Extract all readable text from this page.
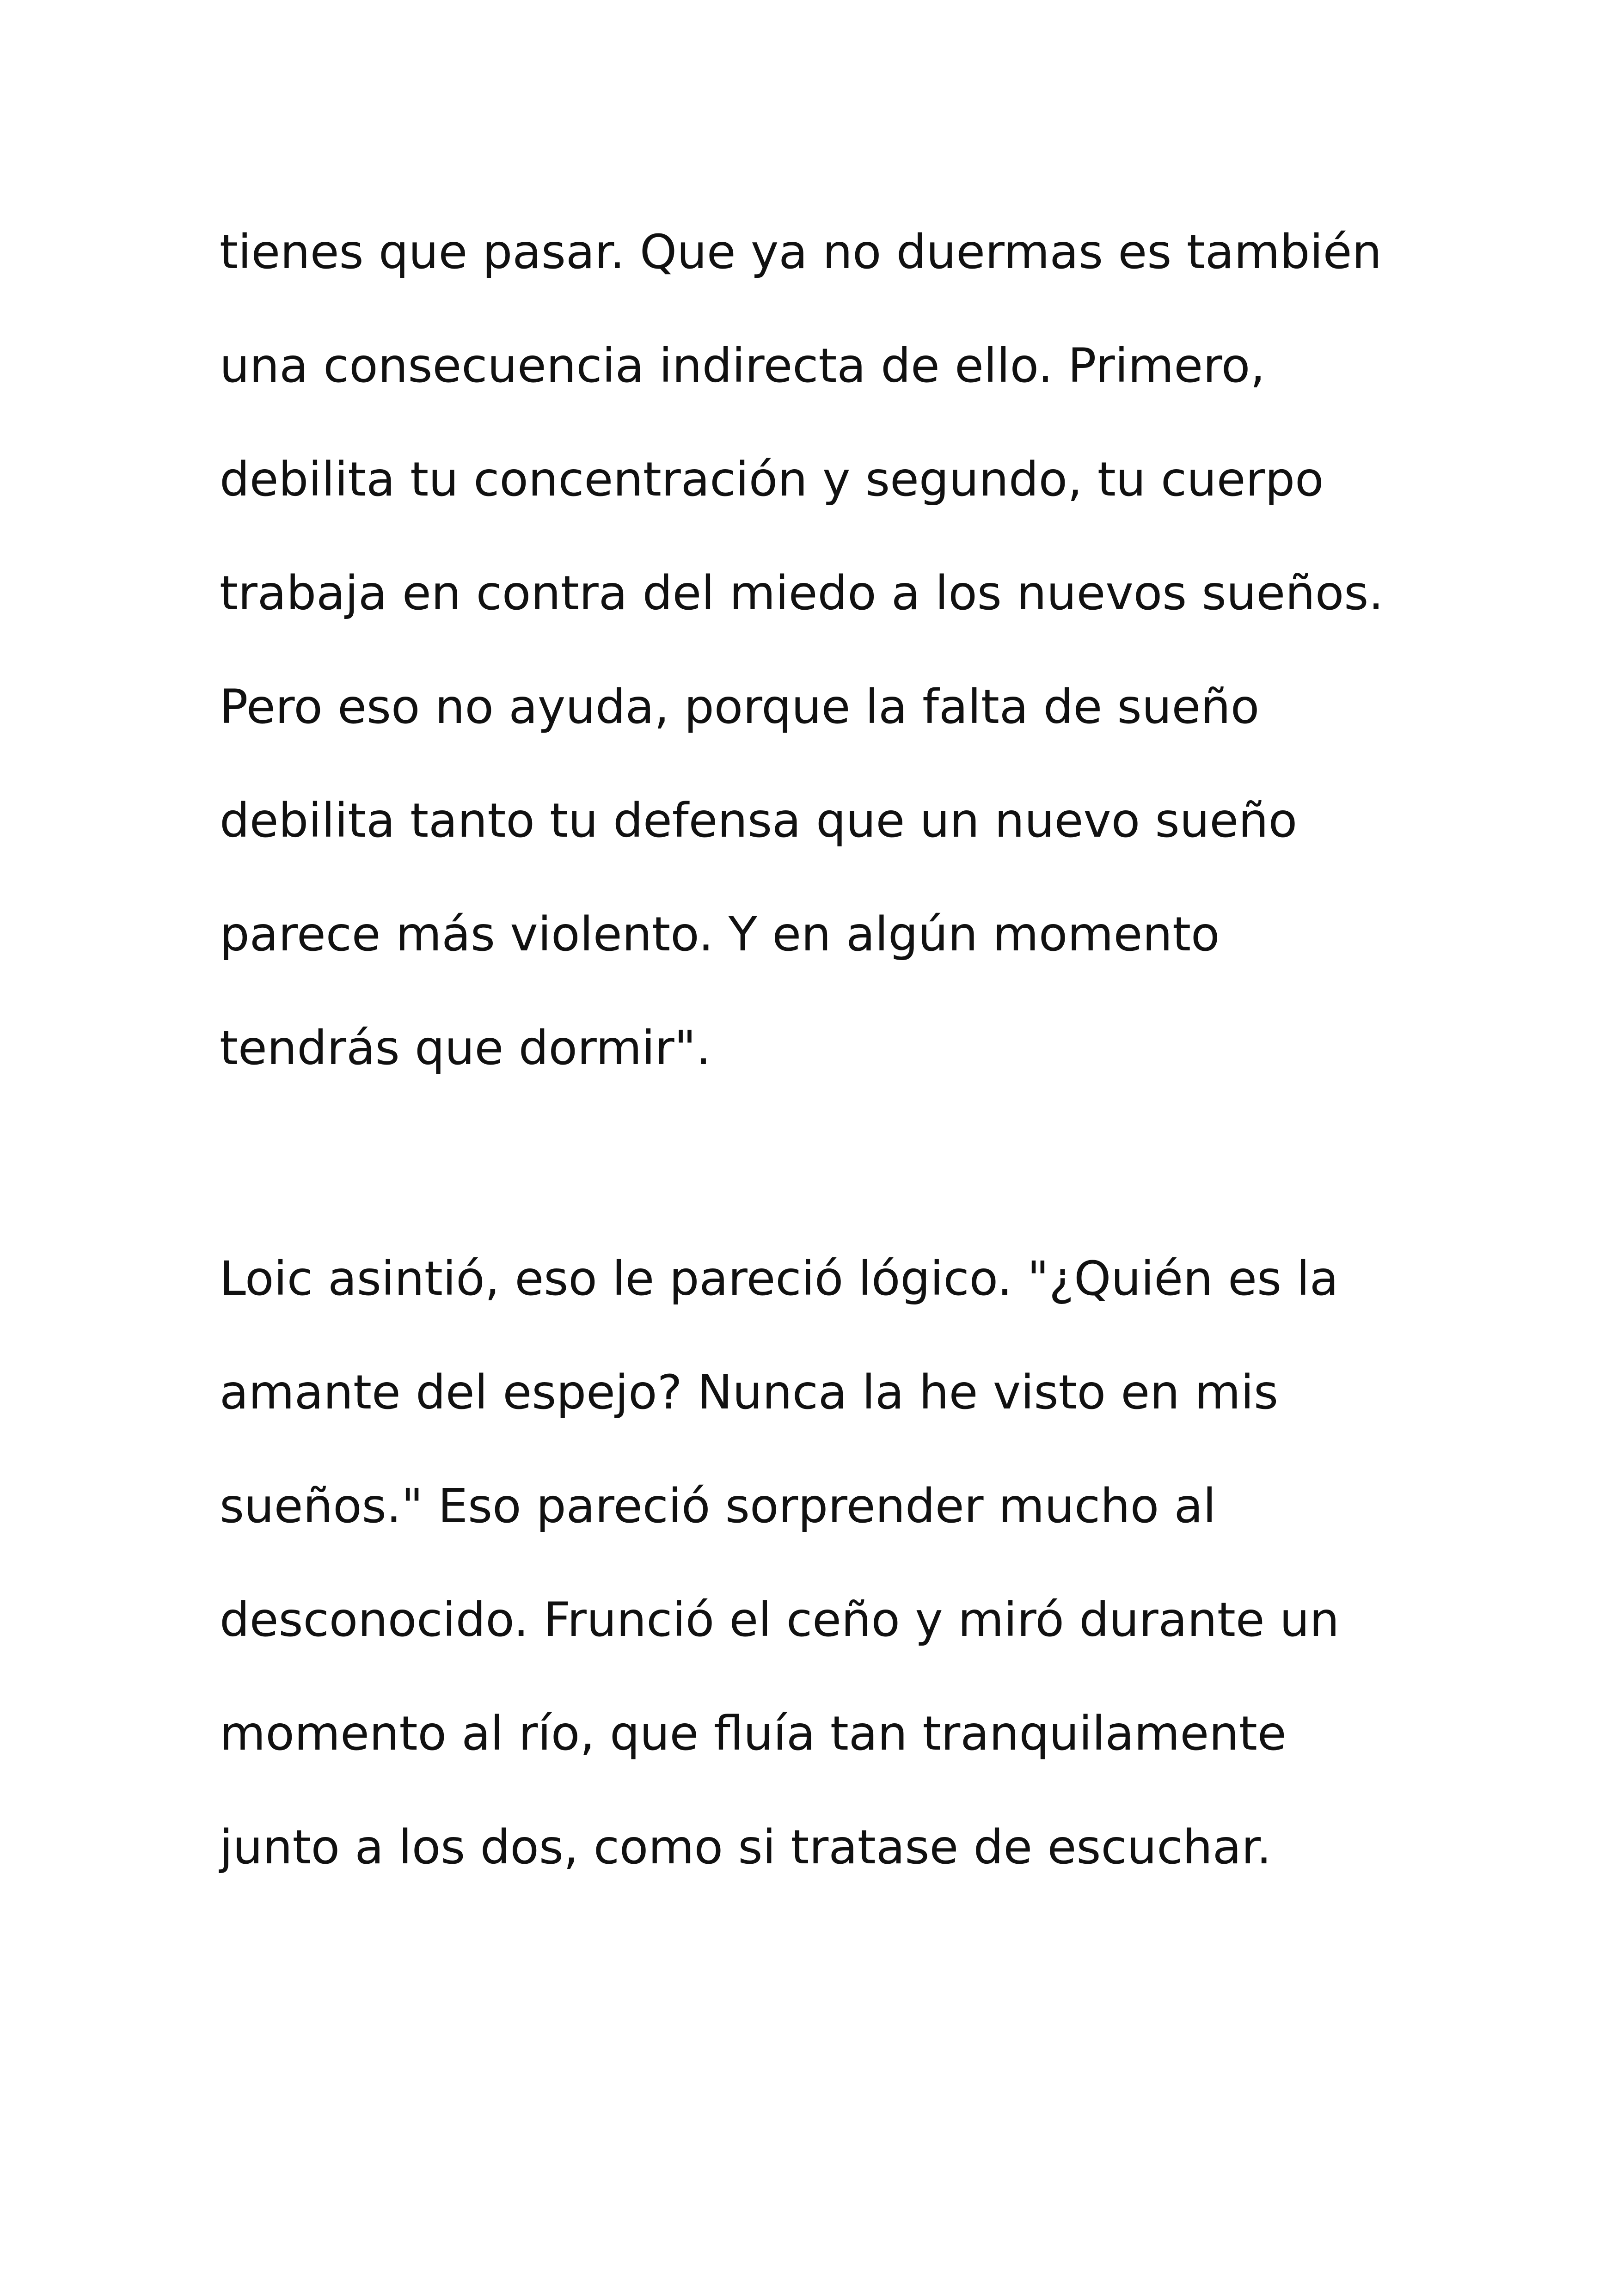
tienes que pasar. Que ya no duermas es también
una consecuencia indirecta de ello. Primero,
debilita tu concentración y segundo, tu cuerpo
trabaja en contra del miedo a los nuevos sueños.
Pero eso no ayuda, porque la falta de sueño
debilita tanto tu defensa que un nuevo sueño
parece más violento. Y en algún momento
tendrás que dormir".
Loic asintió, eso le pareció lógico. "¿Quién es la
amante del espejo? Nunca la he visto en mis
sueños." Eso pareció sorprender mucho al
desconocido. Frunció el ceño y miró durante un
momento al río, que fluía tan tranquilamente
junto a los dos, como si tratase de escuchar.
